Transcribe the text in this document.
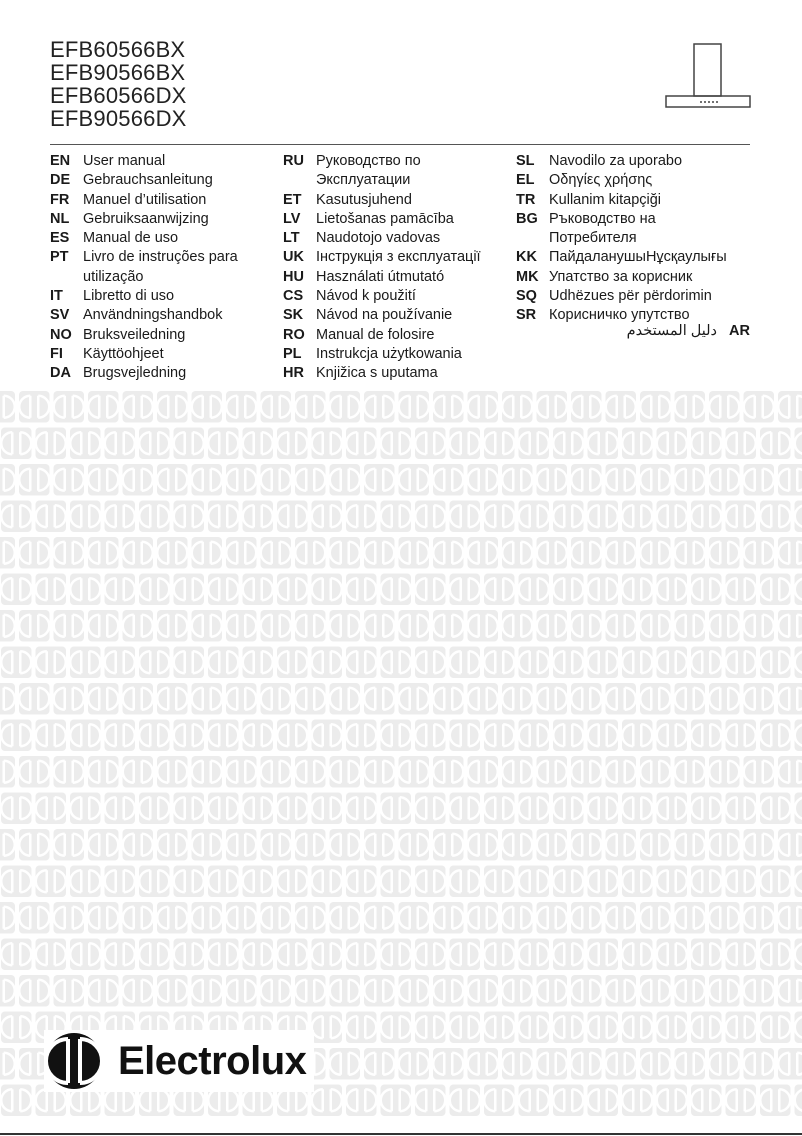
EFB60566BX
EFB90566BX
EFB60566DX
EFB90566DX
EN User manual
DE Gebrauchsanleitung
FR Manuel d’utilisation
NL Gebruiksaanwijzing
ES Manual de uso
PT Livro de instruções para
utilização
IT	Libretto di uso
SV Användningshandbok
NO Bruksveiledning
FI	Käyttöohjeet
DA Brugsvejledning
RU Руководство по
Эксплуатации
ET Kasutusjuhend
LV	Lietošanas pamācība
LT	Naudotojo vadovas
UK Інструкція з експлуатації
HU Használati útmutató
CS Návod k použití
SK Návod na používanie
RO Manual de folosire
PL Instrukcja użytkowania
HR Knjižica s uputama
SL Navodilo za uporabo
EL Οδηγίες χρήσης
TR Kullanim kitapçiği
BG Ръководство на
Потребителя
KK ПайдаланушыНұсқаулығы
MK Упатство за корисник
SQ Udhëzues për përdorimin
SR Корисничко упутство
دليل المستخدم AR
Electrolux
